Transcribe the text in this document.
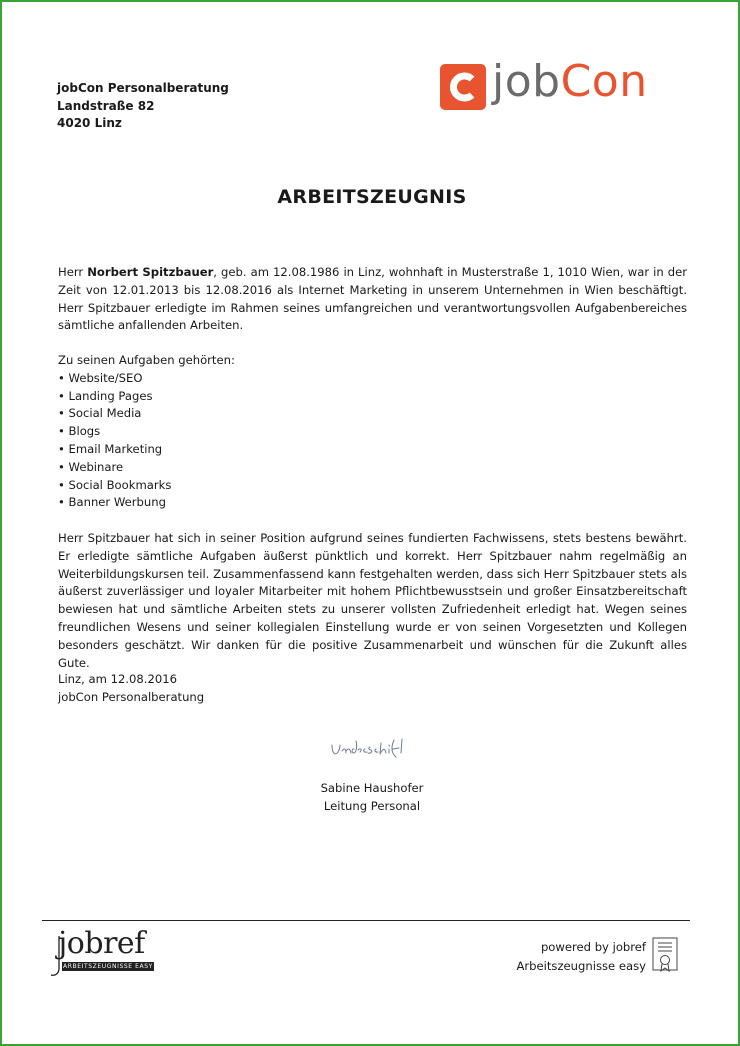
jobCon Personalberatung
Landstraße 82
4020 Linz
jobCon
ARBEITSZEUGNIS
Herr Norbert Spitzbauer, geb. am 12.08.1986 in Linz, wohnhaft in Musterstraße 1, 1010 Wien, war in der Zeit von 12.01.2013 bis 12.08.2016 als Internet Marketing in unserem Unternehmen in Wien beschäftigt. Herr Spitzbauer erledigte im Rahmen seines umfangreichen und verantwortungsvollen Aufgabenbereiches sämtliche anfallenden Arbeiten.
Zu seinen Aufgaben gehörten:
• Website/SEO
• Landing Pages
• Social Media
• Blogs
• Email Marketing
• Webinare
• Social Bookmarks
• Banner Werbung
Herr Spitzbauer hat sich in seiner Position aufgrund seines fundierten Fachwissens, stets bestens bewährt. Er erledigte sämtliche Aufgaben äußerst pünktlich und korrekt. Herr Spitzbauer nahm regelmäßig an Weiterbildungskursen teil. Zusammenfassend kann festgehalten werden, dass sich Herr Spitzbauer stets als äußerst zuverlässiger und loyaler Mitarbeiter mit hohem Pflichtbewusstsein und großer Einsatzbereitschaft bewiesen hat und sämtliche Arbeiten stets zu unserer vollsten Zufriedenheit erledigt hat. Wegen seines freundlichen Wesens und seiner kollegialen Einstellung wurde er von seinen Vorgesetzten und Kollegen besonders geschätzt. Wir danken für die positive Zusammenarbeit und wünschen für die Zukunft alles Gute.
Linz, am 12.08.2016
jobCon Personalberatung
Unterschrift
Sabine Haushofer
Leitung Personal
jobref
ARBEITSZEUGNISSE EASY
powered by jobref
Arbeitszeugnisse easy
